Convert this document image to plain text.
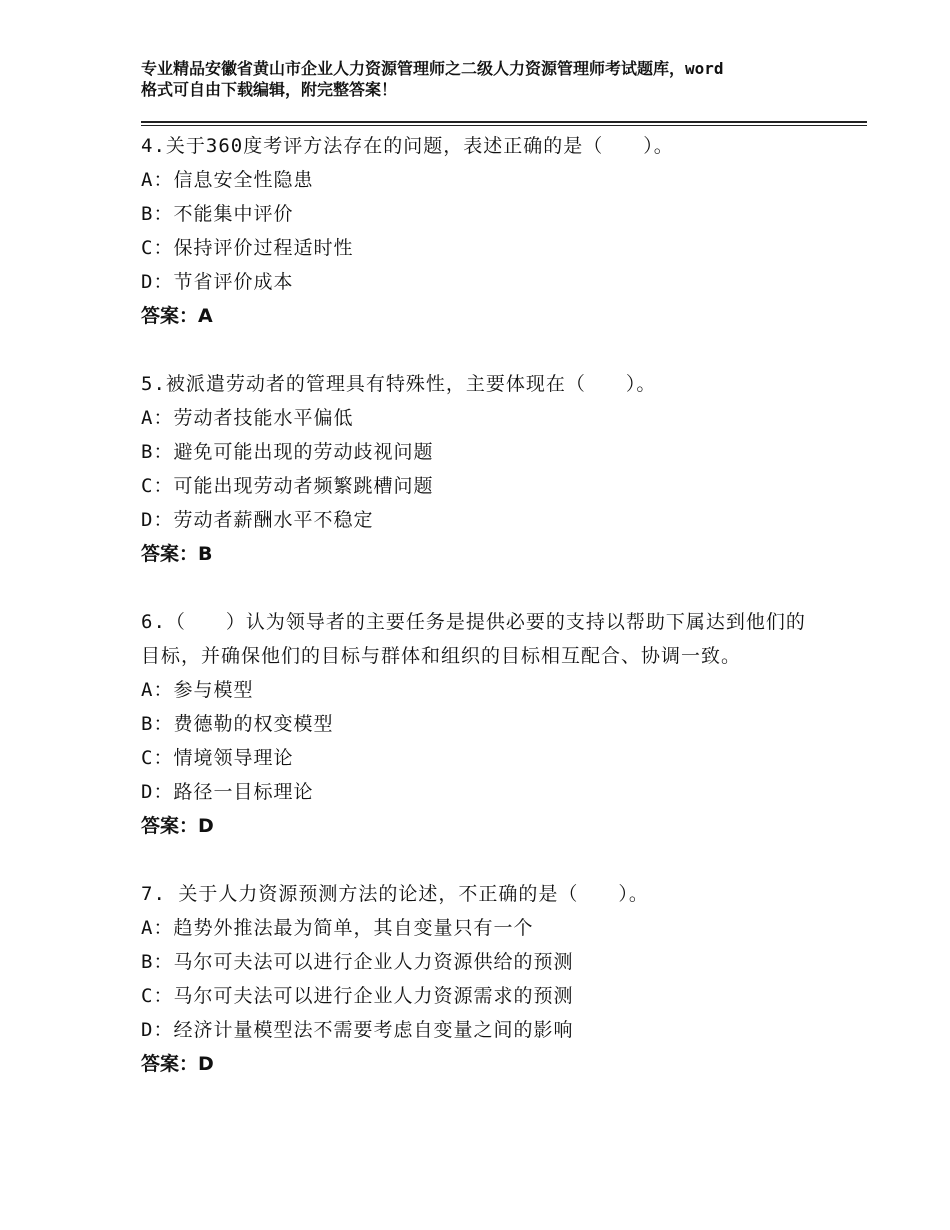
专业精品安徽省黄山市企业人力资源管理师之二级人力资源管理师考试题库，word
格式可自由下载编辑，附完整答案！
4.关于360度考评方法存在的问题，表述正确的是（　　）。
A：信息安全性隐患
B：不能集中评价
C：保持评价过程适时性
D：节省评价成本
答案：A
5.被派遣劳动者的管理具有特殊性，主要体现在（　　）。
A：劳动者技能水平偏低
B：避免可能出现的劳动歧视问题
C：可能出现劳动者频繁跳槽问题
D：劳动者薪酬水平不稳定
答案：B
6.（　　）认为领导者的主要任务是提供必要的支持以帮助下属达到他们的目标，并确保他们的目标与群体和组织的目标相互配合、协调一致。
A：参与模型
B：费德勒的权变模型
C：情境领导理论
D：路径一目标理论
答案：D
7. 关于人力资源预测方法的论述，不正确的是（　　）。
A：趋势外推法最为简单，其自变量只有一个
B：马尔可夫法可以进行企业人力资源供给的预测
C：马尔可夫法可以进行企业人力资源需求的预测
D：经济计量模型法不需要考虑自变量之间的影响
答案：D
